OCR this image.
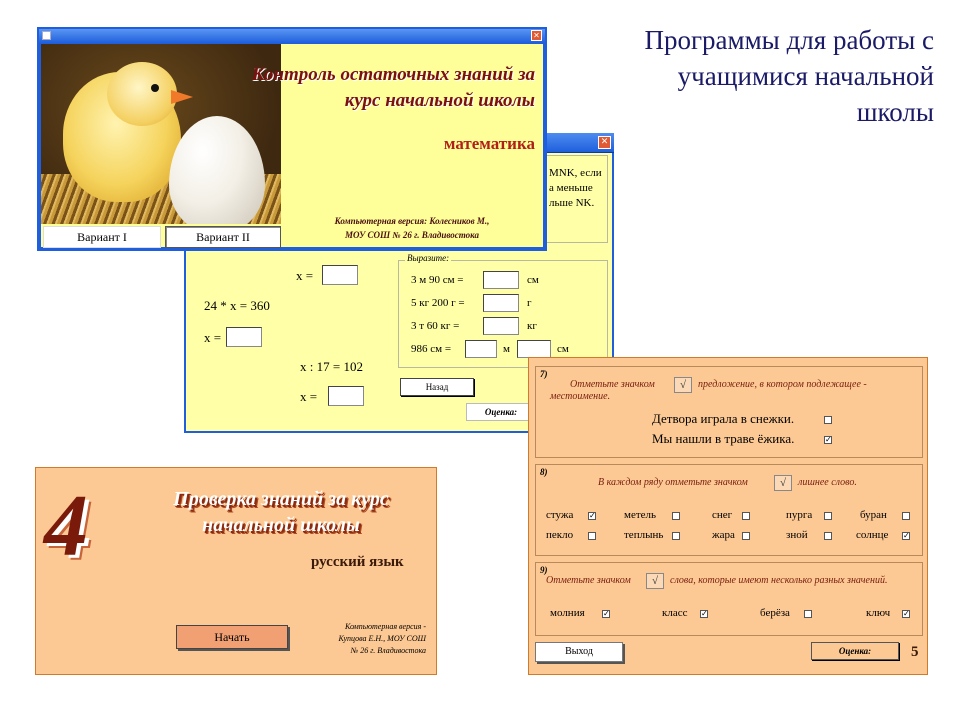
Программы для работы с
учащимися начальной
школы
✕
MNK, если
а меньше
льше NK.
x =
24 * x = 360
x =
x : 17 = 102
x =
Выразите:
3 м 90 см =	см
5 кг 200 г =	г
3 т 60 кг =	кг
986 см =	м	см
Назад
Оценка:
✕
Контроль остаточных знаний за
курс начальной школы
математика
Компьютерная версия: Колесников М.,
МОУ СОШ № 26 г. Владивостока
Вариант I	Вариант II
4	Проверка знаний за курс
начальной школы
русский язык
Начать
Компьютерная версия -
Купцова Е.Н., МОУ СОШ
№ 26 г. Владивостока
7)
Отметьте значком	√	предложение, в котором подлежащее -
местоимение.
Детвора играла в снежки.
Мы нашли в траве ёжика.	✓
8)
В каждом ряду отметьте значком	√	лишнее слово.
стужа ✓	метель	снег	пурга	буран
пекло	теплынь	жара	зной	солнце ✓
9)
Отметьте значком	√	слова, которые имеют несколько разных значений.
молния ✓	класс ✓	берёза	ключ ✓
Выход	Оценка:	5
